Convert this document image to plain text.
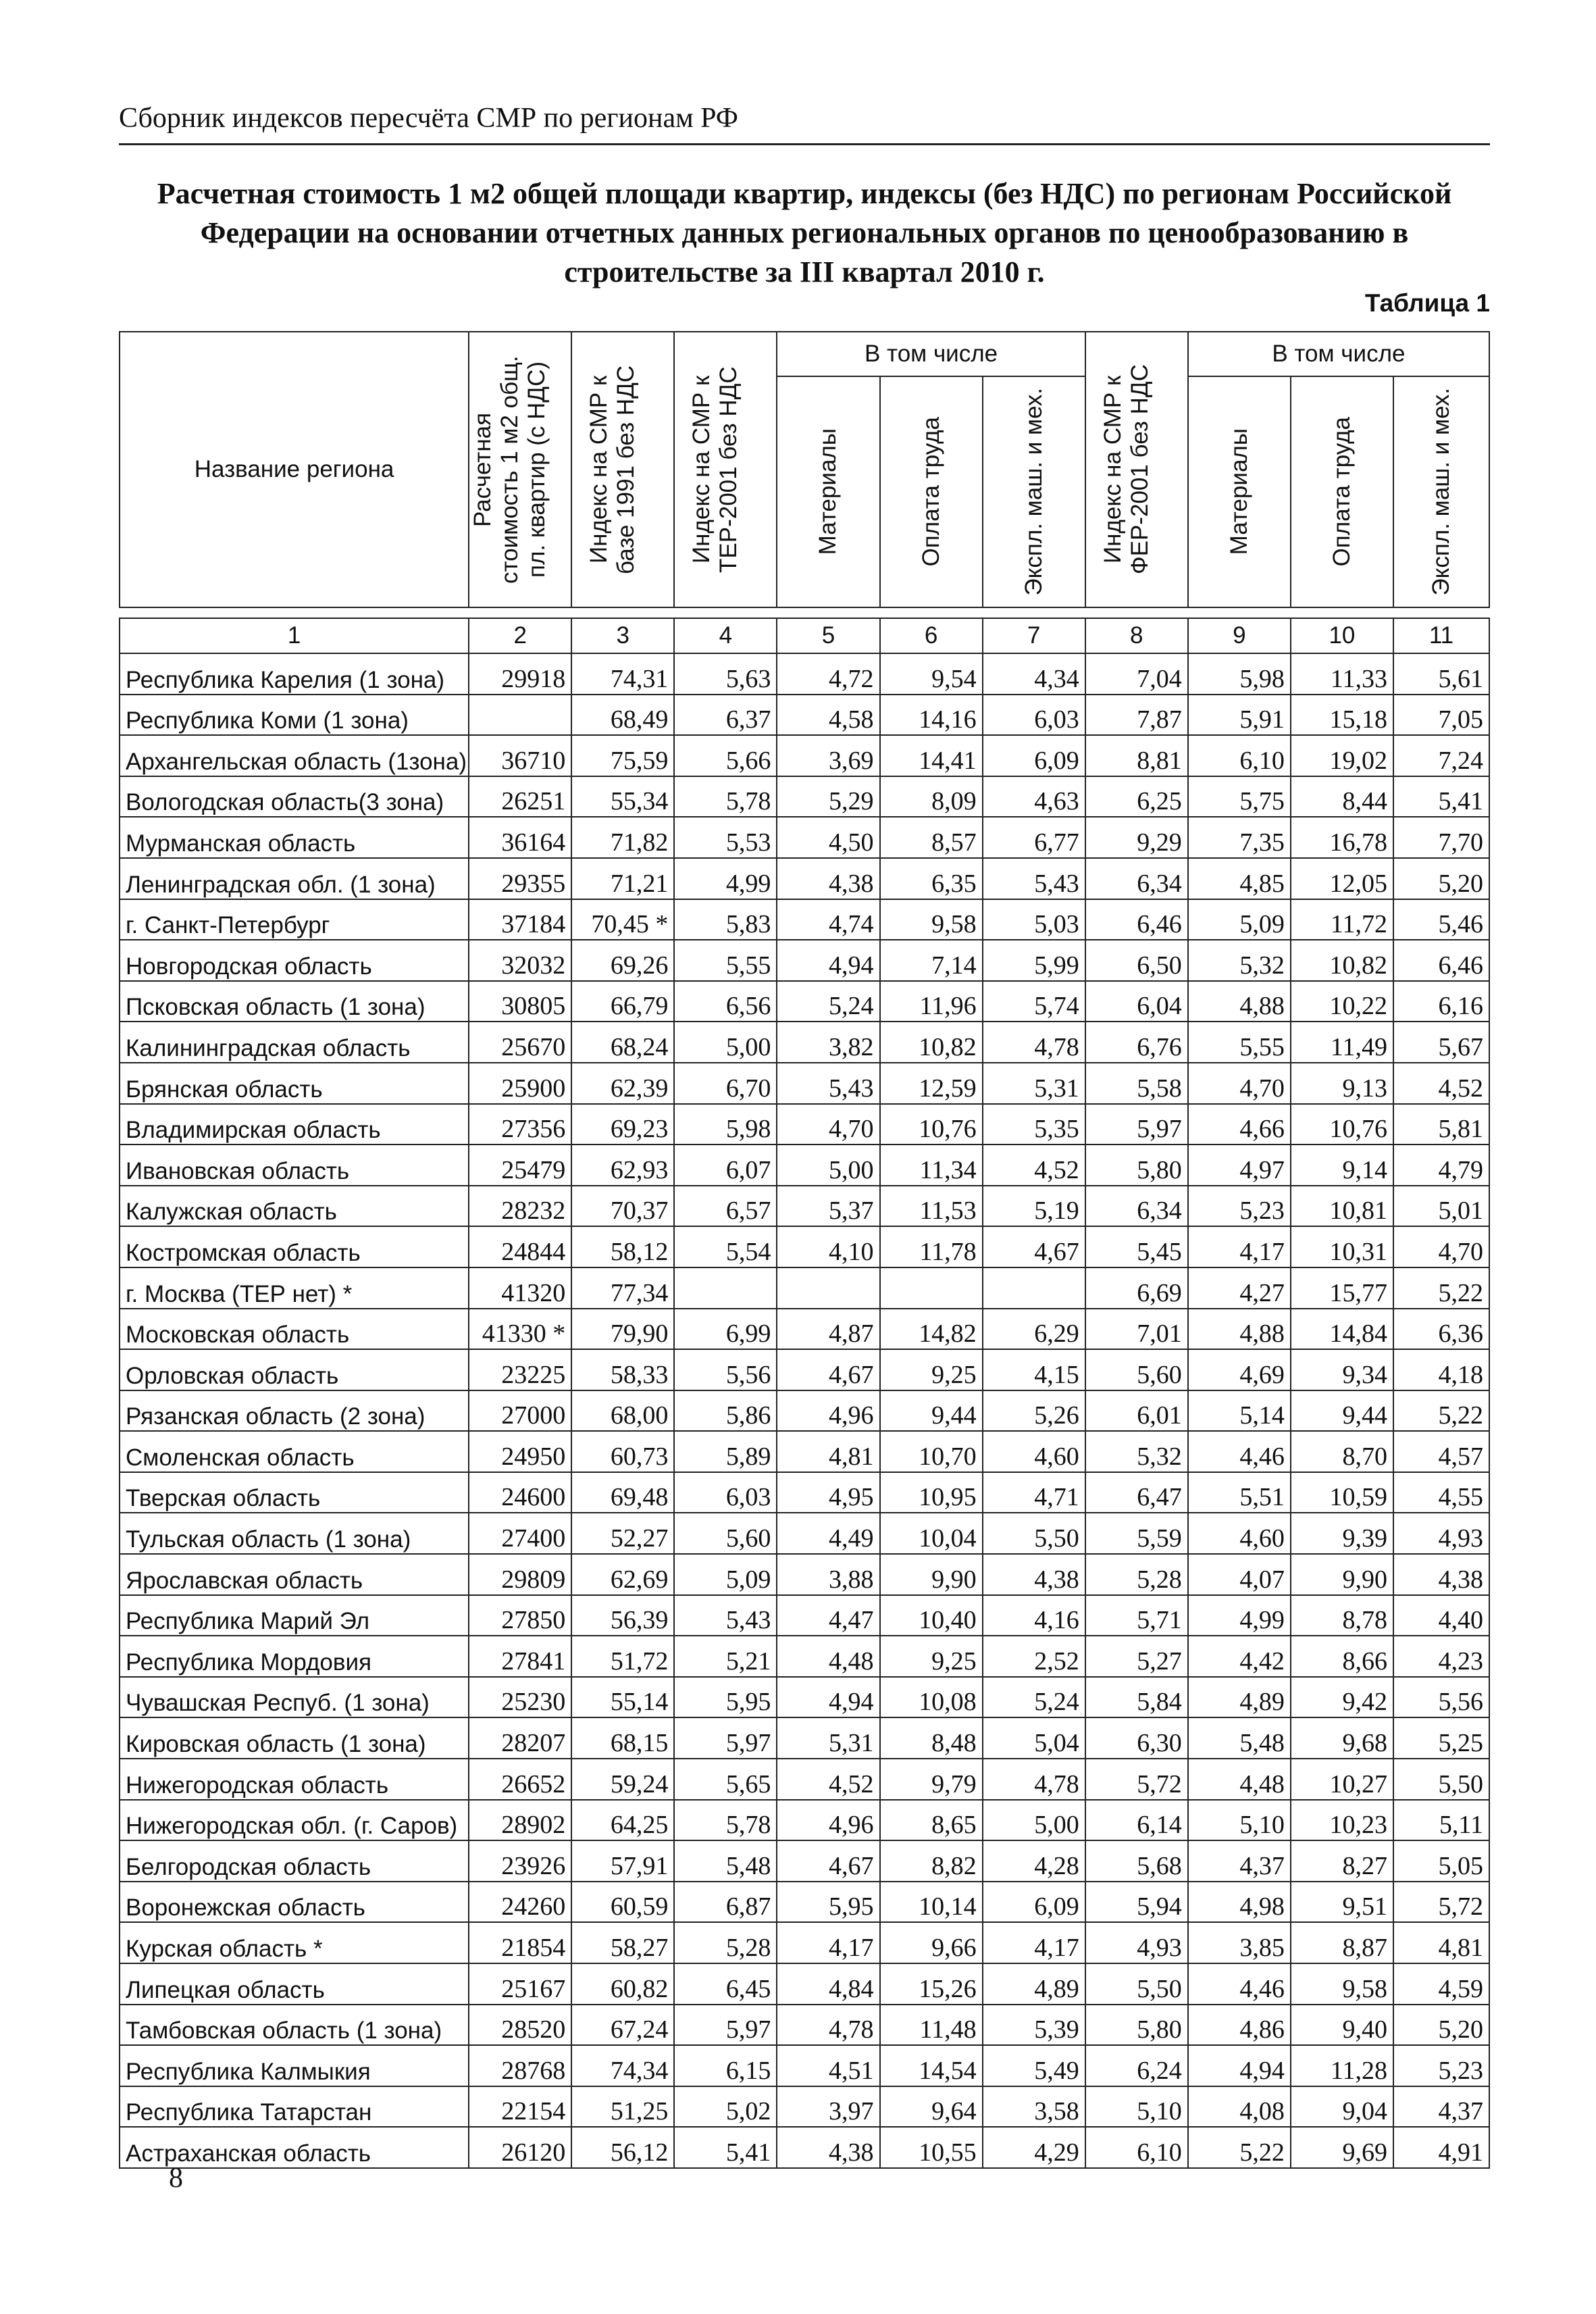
Сборник индексов пересчёта СМР по регионам РФ
Расчетная стоимость 1 м2 общей площади квартир, индексы (без НДС) по регионам Российской Федерации на основании отчетных данных региональных органов по ценообразованию в строительстве за III квартал 2010 г.
Таблица 1
Название региона	Расчетная стоимость 1 м2 общ. пл. квартир (с НДС)	Индекс на СМР к базе 1991 без НДС	Индекс на СМР к ТЕР-2001 без НДС	В том числе			Индекс на СМР к ФЕР-2001 без НДС	В том числе		

				Материалы	Оплата труда	Экспл. маш. и мех.		Материалы	Оплата труда	Экспл. маш. и мех.

1	2	3	4	5	6	7	8	9	10	11
Республика Карелия (1 зона)	29918	74,31	5,63	4,72	9,54	4,34	7,04	5,98	11,33	5,61
Республика Коми (1 зона)		68,49	6,37	4,58	14,16	6,03	7,87	5,91	15,18	7,05
Архангельская область (1зона)	36710	75,59	5,66	3,69	14,41	6,09	8,81	6,10	19,02	7,24
Вологодская область(3 зона)	26251	55,34	5,78	5,29	8,09	4,63	6,25	5,75	8,44	5,41
Мурманская область	36164	71,82	5,53	4,50	8,57	6,77	9,29	7,35	16,78	7,70
Ленинградская обл. (1 зона)	29355	71,21	4,99	4,38	6,35	5,43	6,34	4,85	12,05	5,20
г. Санкт-Петербург	37184	70,45 *	5,83	4,74	9,58	5,03	6,46	5,09	11,72	5,46
Новгородская область	32032	69,26	5,55	4,94	7,14	5,99	6,50	5,32	10,82	6,46
Псковская область (1 зона)	30805	66,79	6,56	5,24	11,96	5,74	6,04	4,88	10,22	6,16
Калининградская область	25670	68,24	5,00	3,82	10,82	4,78	6,76	5,55	11,49	5,67
Брянская область	25900	62,39	6,70	5,43	12,59	5,31	5,58	4,70	9,13	4,52
Владимирская область	27356	69,23	5,98	4,70	10,76	5,35	5,97	4,66	10,76	5,81
Ивановская область	25479	62,93	6,07	5,00	11,34	4,52	5,80	4,97	9,14	4,79
Калужская область	28232	70,37	6,57	5,37	11,53	5,19	6,34	5,23	10,81	5,01
Костромская область	24844	58,12	5,54	4,10	11,78	4,67	5,45	4,17	10,31	4,70
г. Москва (ТЕР нет) *	41320	77,34					6,69	4,27	15,77	5,22
Московская область	41330 *	79,90	6,99	4,87	14,82	6,29	7,01	4,88	14,84	6,36
Орловская область	23225	58,33	5,56	4,67	9,25	4,15	5,60	4,69	9,34	4,18
Рязанская область (2 зона)	27000	68,00	5,86	4,96	9,44	5,26	6,01	5,14	9,44	5,22
Смоленская область	24950	60,73	5,89	4,81	10,70	4,60	5,32	4,46	8,70	4,57
Тверская область	24600	69,48	6,03	4,95	10,95	4,71	6,47	5,51	10,59	4,55
Тульская область (1 зона)	27400	52,27	5,60	4,49	10,04	5,50	5,59	4,60	9,39	4,93
Ярославская область	29809	62,69	5,09	3,88	9,90	4,38	5,28	4,07	9,90	4,38
Республика Марий Эл	27850	56,39	5,43	4,47	10,40	4,16	5,71	4,99	8,78	4,40
Республика Мордовия	27841	51,72	5,21	4,48	9,25	2,52	5,27	4,42	8,66	4,23
Чувашская Респуб. (1 зона)	25230	55,14	5,95	4,94	10,08	5,24	5,84	4,89	9,42	5,56
Кировская область (1 зона)	28207	68,15	5,97	5,31	8,48	5,04	6,30	5,48	9,68	5,25
Нижегородская область	26652	59,24	5,65	4,52	9,79	4,78	5,72	4,48	10,27	5,50
Нижегородская обл. (г. Саров)	28902	64,25	5,78	4,96	8,65	5,00	6,14	5,10	10,23	5,11
Белгородская область	23926	57,91	5,48	4,67	8,82	4,28	5,68	4,37	8,27	5,05
Воронежская область	24260	60,59	6,87	5,95	10,14	6,09	5,94	4,98	9,51	5,72
Курская область *	21854	58,27	5,28	4,17	9,66	4,17	4,93	3,85	8,87	4,81
Липецкая область	25167	60,82	6,45	4,84	15,26	4,89	5,50	4,46	9,58	4,59
Тамбовская область (1 зона)	28520	67,24	5,97	4,78	11,48	5,39	5,80	4,86	9,40	5,20
Республика Калмыкия	28768	74,34	6,15	4,51	14,54	5,49	6,24	4,94	11,28	5,23
Республика Татарстан	22154	51,25	5,02	3,97	9,64	3,58	5,10	4,08	9,04	4,37
Астраханская область	26120	56,12	5,41	4,38	10,55	4,29	6,10	5,22	9,69	4,91
8
